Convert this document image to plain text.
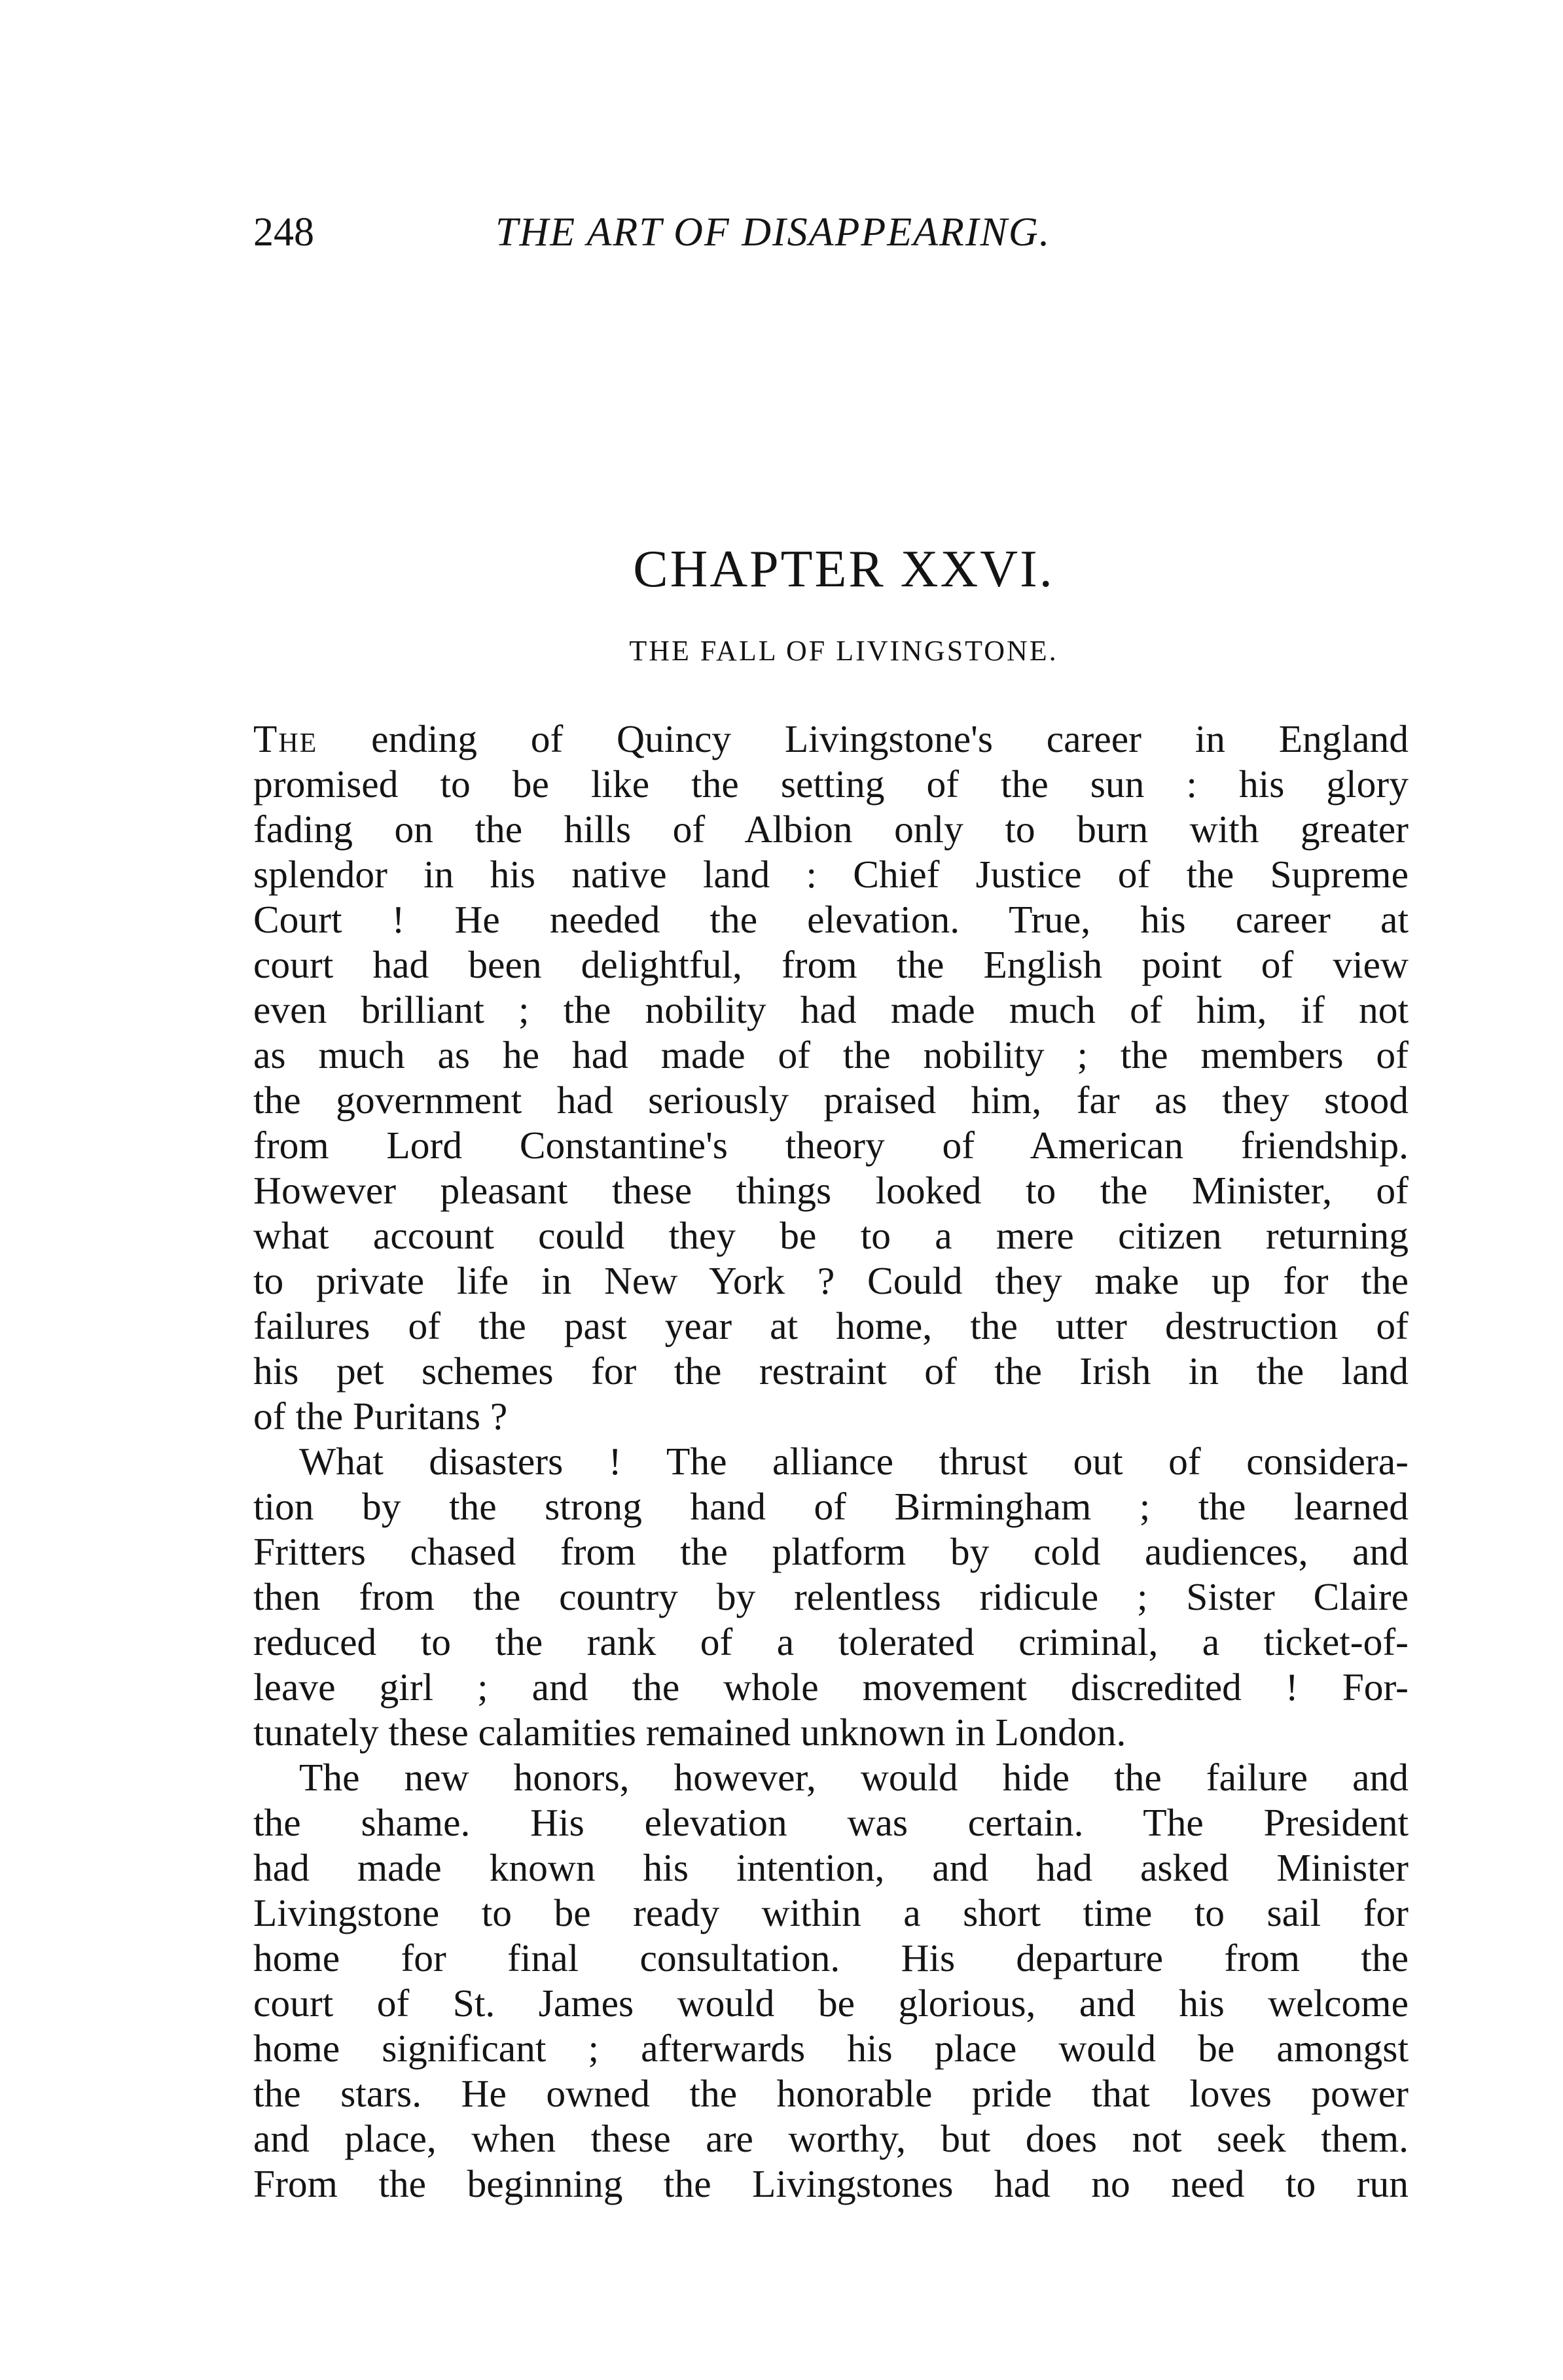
248	THE ART OF DISAPPEARING.
CHAPTER XXVI.
THE FALL OF LIVINGSTONE.
The ending of Quincy Livingstone's career in England
promised to be like the setting of the sun : his glory
fading on the hills of Albion only to burn with greater
splendor in his native land : Chief Justice of the Supreme
Court ! He needed the elevation. True, his career at
court had been delightful, from the English point of view
even brilliant ; the nobility had made much of him, if not
as much as he had made of the nobility ; the members of
the government had seriously praised him, far as they stood
from Lord Constantine's theory of American friendship.
However pleasant these things looked to the Minister, of
what account could they be to a mere citizen returning
to private life in New York ? Could they make up for the
failures of the past year at home, the utter destruction of
his pet schemes for the restraint of the Irish in the land
of the Puritans ?
What disasters ! The alliance thrust out of considera-
tion by the strong hand of Birmingham ; the learned
Fritters chased from the platform by cold audiences, and
then from the country by relentless ridicule ; Sister Claire
reduced to the rank of a tolerated criminal, a ticket-of-
leave girl ; and the whole movement discredited ! For-
tunately these calamities remained unknown in London.
The new honors, however, would hide the failure and
the shame. His elevation was certain. The President
had made known his intention, and had asked Minister
Livingstone to be ready within a short time to sail for
home for final consultation. His departure from the
court of St. James would be glorious, and his welcome
home significant ; afterwards his place would be amongst
the stars. He owned the honorable pride that loves power
and place, when these are worthy, but does not seek them.
From the beginning the Livingstones had no need to run
